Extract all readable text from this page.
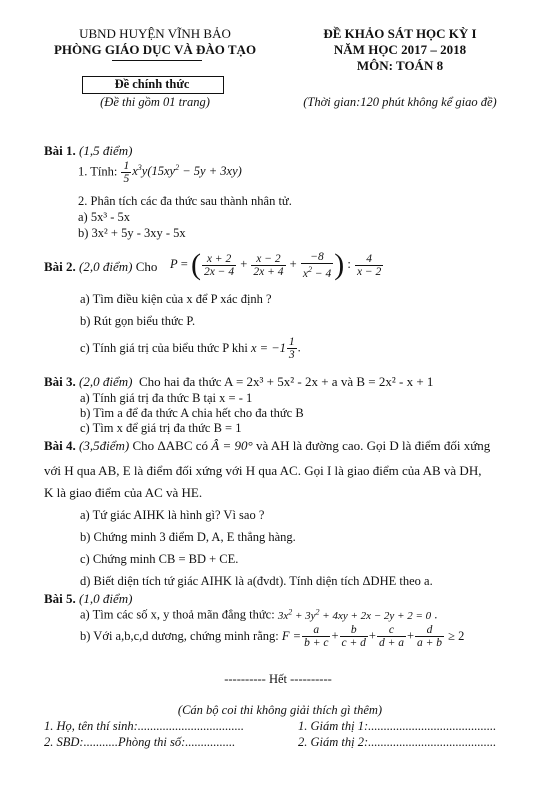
UBND HUYỆN VĨNH BẢO
PHÒNG GIÁO DỤC VÀ ĐÀO TẠO
Đề chính thức
(Đề thi gồm 01 trang)
ĐỀ KHẢO SÁT HỌC KỲ I
NĂM HỌC 2017 – 2018
MÔN: TOÁN 8
(Thời gian:120 phút không kể giao đề)
Bài 1. (1,5 điểm)
1. Tính: $\frac{1}{5} x^3y(15xy^2 - 5y + 3xy)$
2. Phân tích các đa thức sau thành nhân tử.
a) 5x³ - 5x
b) 3x² + 5y - 3xy - 5x
Bài 2. (2,0 điểm) Cho P = ( $\frac{x + 2}{2x - 4} + \frac{x - 2}{2x + 4} + \frac{-8}{x^2 - 4}$ ) : $\frac{4}{x - 2}$
a) Tìm điều kiện của x để P xác định ?
b) Rút gọn biểu thức P.
c) Tính giá trị của biểu thức P khi $x = -1 \frac{1}{3}$ .
Bài 3. (2,0 điểm) Cho hai đa thức A = 2x³ + 5x² - 2x + a và B = 2x² - x + 1
a) Tính giá trị đa thức B tại x = - 1
b) Tìm a để đa thức A chia hết cho đa thức B
c) Tìm x để giá trị đa thức B = 1
Bài 4. (3,5điểm) Cho ΔABC có Â = 90° và AH là đường cao. Gọi D là điểm đối xứng
với H qua AB, E là điểm đối xứng với H qua AC. Gọi I là giao điểm của AB và DH,
K là giao điểm của AC và HE.
a) Tứ giác AIHK là hình gì? Vì sao ?
b) Chứng minh 3 điểm D, A, E thẳng hàng.
c) Chứng minh CB = BD + CE.
d) Biết diện tích tứ giác AIHK là a(đvdt). Tính diện tích ΔDHE theo a.
Bài 5. (1,0 điểm)
a) Tìm các số x, y thoả mãn đẳng thức: $3x^2 + 3y^2 + 4xy + 2x - 2y + 2 = 0$ .
b) Với a,b,c,d dương, chứng minh rằng: $F = \frac{a}{b + c} + \frac{b}{c + d} + \frac{c}{d + a} + \frac{d}{a + b} \ge 2$
---------- Hết ----------
(Cán bộ coi thi không giải thích gì thêm)
1. Họ, tên thí sinh:..................................	1. Giám thị 1:.........................................
2. SBD:...........Phòng thi số:................	2. Giám thị 2:.........................................
